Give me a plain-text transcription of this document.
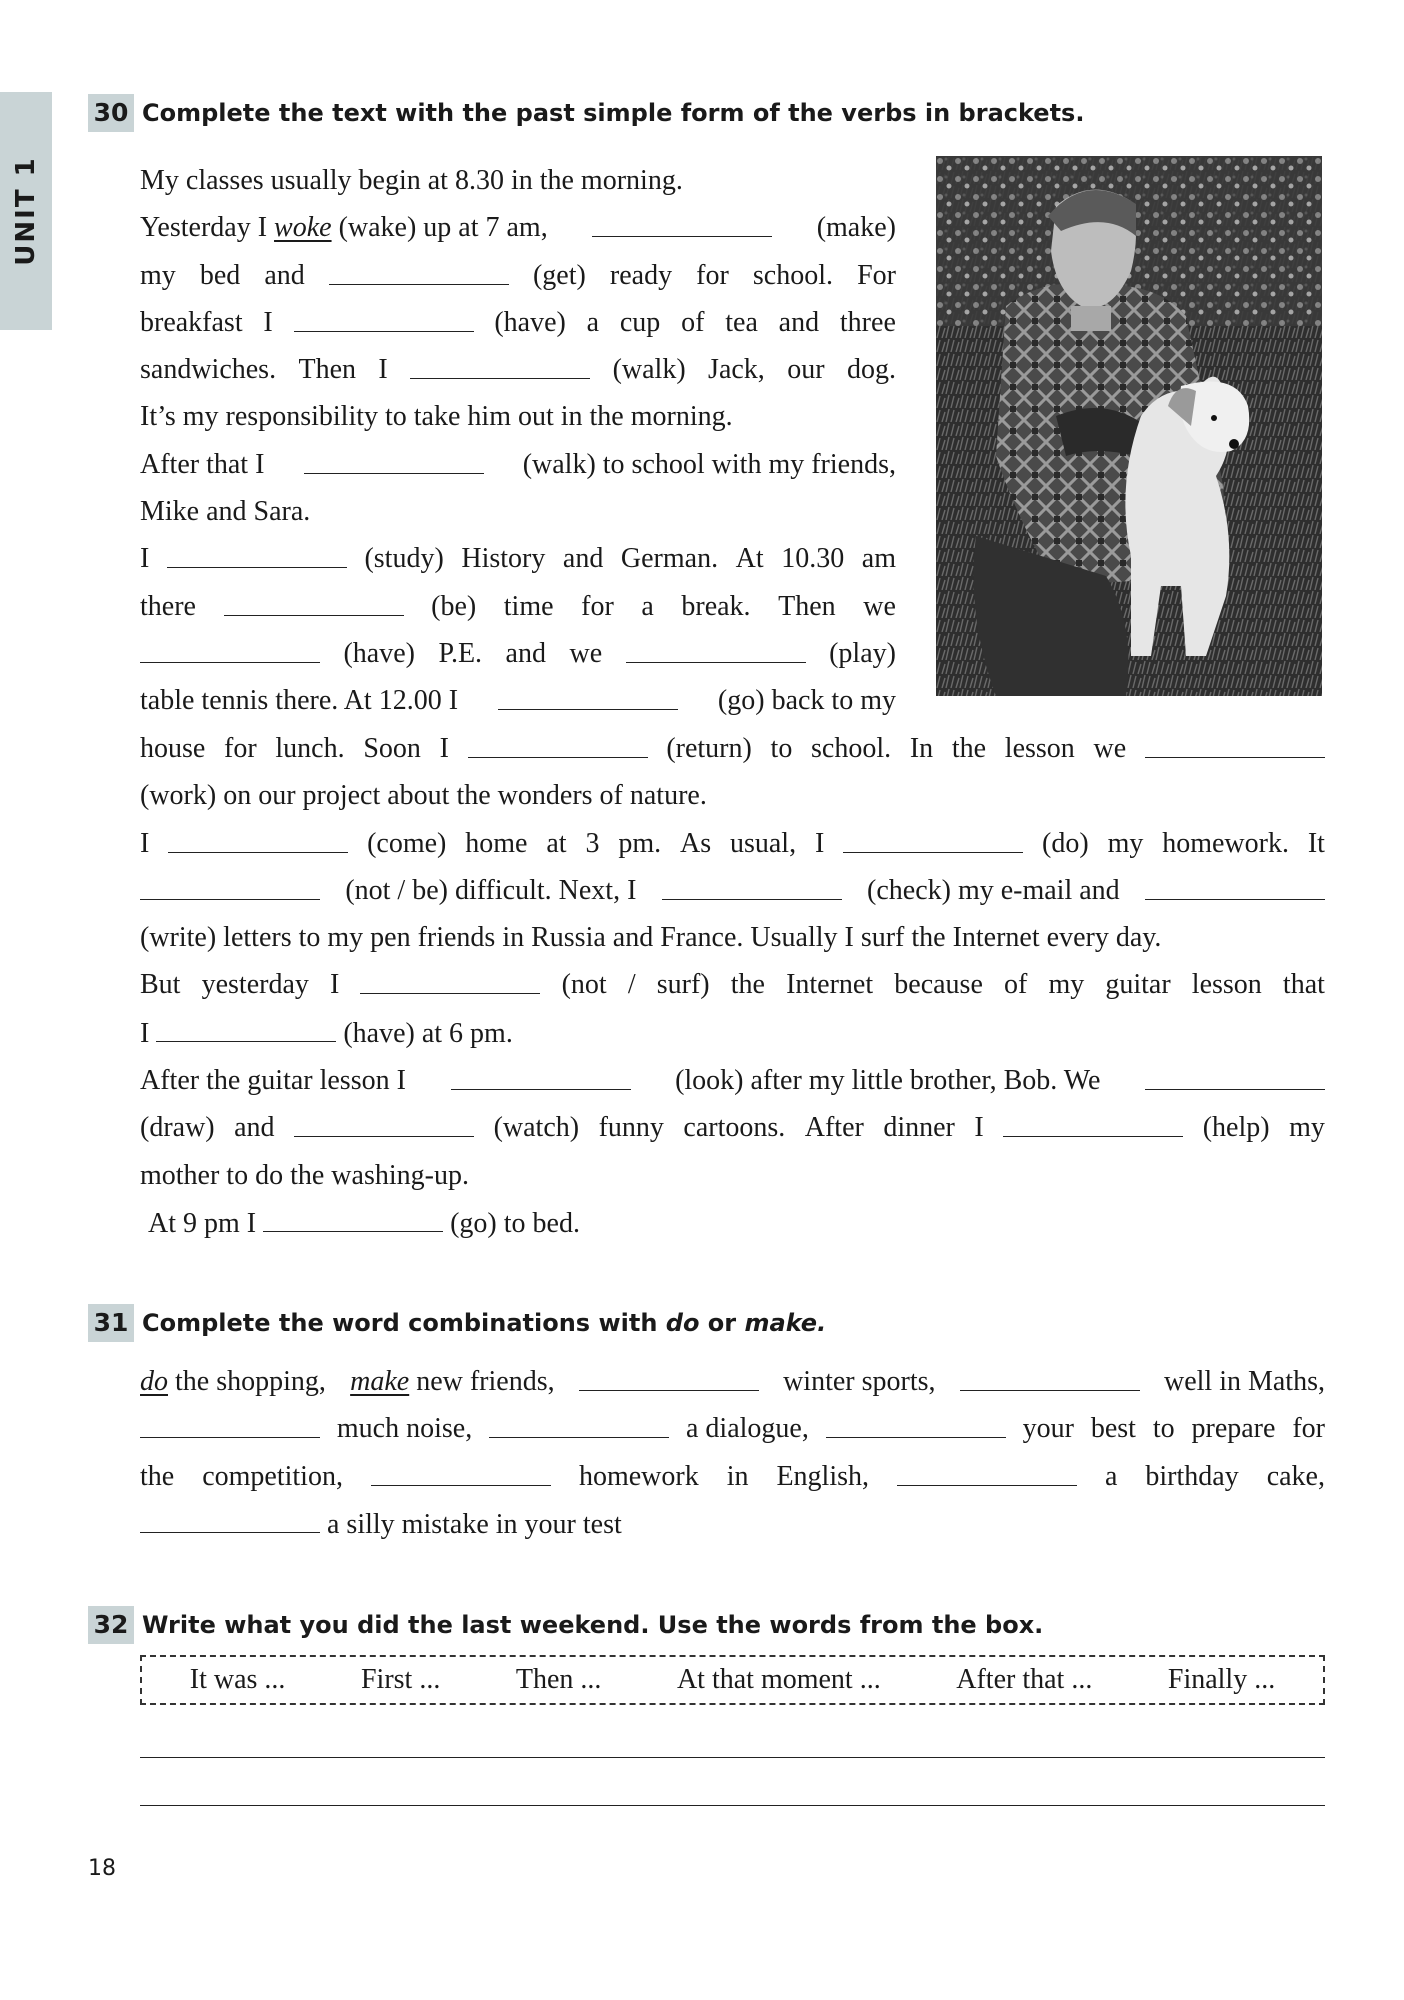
UNIT 1
30 Complete the text with the past simple form of the verbs in brackets.
My classes usually begin at 8.30 in the morning.
Yesterday I woke (wake) up at 7 am,	(make)
my bed and	(get) ready for school. For
breakfast I	(have) a cup of tea and three
sandwiches. Then I	(walk) Jack, our dog.
It’s my responsibility to take him out in the morning.
After that I	(walk) to school with my friends,
Mike and Sara.
I	(study) History and German. At 10.30 am
there	(be) time for a break. Then we
(have) P.E. and we	(play)
table tennis there. At 12.00 I	(go) back to my
house for lunch. Soon I	(return) to school. In the lesson we
(work) on our project about the wonders of nature.
I	(come) home at 3 pm. As usual, I	(do) my homework. It
(not / be) difficult. Next, I	(check) my e-mail and
(write) letters to my pen friends in Russia and France. Usually I surf the Internet every day.
But yesterday I	(not / surf) the Internet because of my guitar lesson that
I	(have) at 6 pm.
After the guitar lesson I	(look) after my little brother, Bob. We
(draw) and	(watch) funny cartoons. After dinner I	(help) my
mother to do the washing-up.
At 9 pm I	(go) to bed.
31 Complete the word combinations with do or make.
do the shopping, make new friends,	winter sports,	well in Maths,
much noise,	a dialogue,	your best to prepare for
the competition,	homework in English,	a birthday cake,
a silly mistake in your test
32 Write what you did the last weekend. Use the words from the box.
It was ...	First ...	Then ...	At that moment ...	After that ...	Finally ...
18
